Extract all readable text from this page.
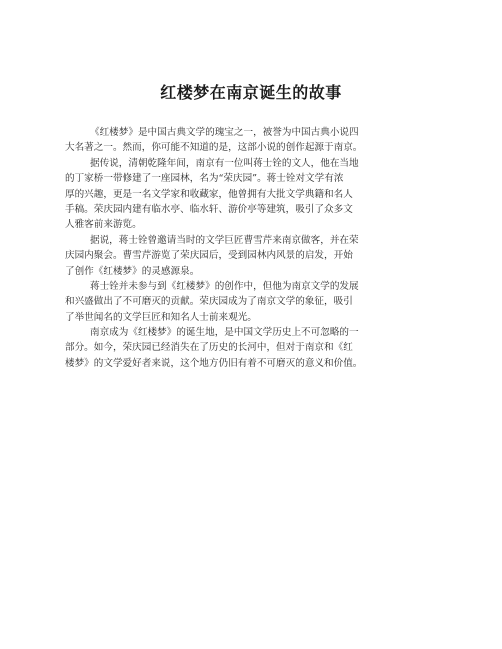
红楼梦在南京诞生的故事
《红楼梦》是中国古典文学的瑰宝之一，被誉为中国古典小说四
大名著之一。然而，你可能不知道的是，这部小说的创作起源于南京。
据传说，清朝乾隆年间，南京有一位叫蒋士铨的文人，他在当地
的丁家桥一带修建了一座园林，名为“荣庆园”。蒋士铨对文学有浓
厚的兴趣，更是一名文学家和收藏家，他曾拥有大批文学典籍和名人
手稿。荣庆园内建有临水亭、临水轩、游价亭等建筑，吸引了众多文
人雅客前来游览。
据说，蒋士铨曾邀请当时的文学巨匠曹雪芹来南京做客，并在荣
庆园内聚会。曹雪芹游览了荣庆园后，受到园林内风景的启发，开始
了创作《红楼梦》的灵感源泉。
蒋士铨并未参与到《红楼梦》的创作中，但他为南京文学的发展
和兴盛做出了不可磨灭的贡献。荣庆园成为了南京文学的象征，吸引
了举世闻名的文学巨匠和知名人士前来观光。
南京成为《红楼梦》的诞生地，是中国文学历史上不可忽略的一
部分。如今，荣庆园已经消失在了历史的长河中，但对于南京和《红
楼梦》的文学爱好者来说，这个地方仍旧有着不可磨灭的意义和价值。
